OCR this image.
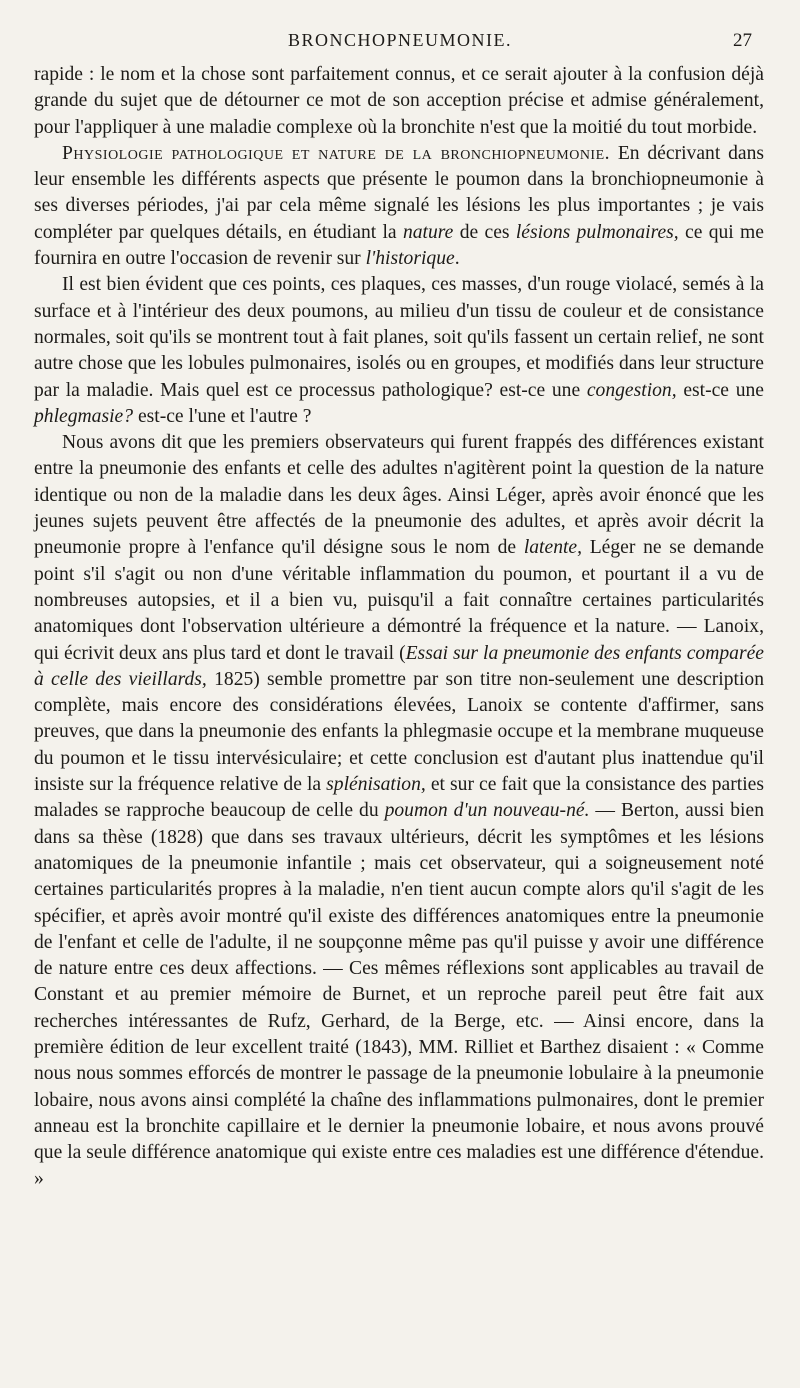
BRONCHOPNEUMONIE.	27

rapide : le nom et la chose sont parfaitement connus, et ce serait ajouter à la confusion déjà grande du sujet que de détourner ce mot de son acception précise et admise généralement, pour l'appliquer à une maladie complexe où la bronchite n'est que la moitié du tout morbide.

Physiologie pathologique et nature de la bronchiopneumonie. En décrivant dans leur ensemble les différents aspects que présente le poumon dans la bronchiopneumonie à ses diverses périodes, j'ai par cela même signalé les lésions les plus importantes ; je vais compléter par quelques détails, en étudiant la nature de ces lésions pulmonaires, ce qui me fournira en outre l'occasion de revenir sur l'historique.

Il est bien évident que ces points, ces plaques, ces masses, d'un rouge violacé, semés à la surface et à l'intérieur des deux poumons, au milieu d'un tissu de couleur et de consistance normales, soit qu'ils se montrent tout à fait planes, soit qu'ils fassent un certain relief, ne sont autre chose que les lobules pulmonaires, isolés ou en groupes, et modifiés dans leur structure par la maladie. Mais quel est ce processus pathologique? est-ce une congestion, est-ce une phlegmasie? est-ce l'une et l'autre ?

Nous avons dit que les premiers observateurs qui furent frappés des différences existant entre la pneumonie des enfants et celle des adultes n'agitèrent point la question de la nature identique ou non de la maladie dans les deux âges. Ainsi Léger, après avoir énoncé que les jeunes sujets peuvent être affectés de la pneumonie des adultes, et après avoir décrit la pneumonie propre à l'enfance qu'il désigne sous le nom de latente, Léger ne se demande point s'il s'agit ou non d'une véritable inflammation du poumon, et pourtant il a vu de nombreuses autopsies, et il a bien vu, puisqu'il a fait connaître certaines particularités anatomiques dont l'observation ultérieure a démontré la fréquence et la nature. — Lanoix, qui écrivit deux ans plus tard et dont le travail (Essai sur la pneumonie des enfants comparée à celle des vieillards, 1825) semble promettre par son titre non-seulement une description complète, mais encore des considérations élevées, Lanoix se contente d'affirmer, sans preuves, que dans la pneumonie des enfants la phlegmasie occupe et la membrane muqueuse du poumon et le tissu intervésiculaire; et cette conclusion est d'autant plus inattendue qu'il insiste sur la fréquence relative de la splénisation, et sur ce fait que la consistance des parties malades se rapproche beaucoup de celle du poumon d'un nouveau-né. — Berton, aussi bien dans sa thèse (1828) que dans ses travaux ultérieurs, décrit les symptômes et les lésions anatomiques de la pneumonie infantile ; mais cet observateur, qui a soigneusement noté certaines particularités propres à la maladie, n'en tient aucun compte alors qu'il s'agit de les spécifier, et après avoir montré qu'il existe des différences anatomiques entre la pneumonie de l'enfant et celle de l'adulte, il ne soupçonne même pas qu'il puisse y avoir une différence de nature entre ces deux affections. — Ces mêmes réflexions sont applicables au travail de Constant et au premier mémoire de Burnet, et un reproche pareil peut être fait aux recherches intéressantes de Rufz, Gerhard, de la Berge, etc. — Ainsi encore, dans la première édition de leur excellent traité (1843), MM. Rilliet et Barthez disaient : « Comme nous nous sommes efforcés de montrer le passage de la pneumonie lobulaire à la pneumonie lobaire, nous avons ainsi complété la chaîne des inflammations pulmonaires, dont le premier anneau est la bronchite capillaire et le dernier la pneumonie lobaire, et nous avons prouvé que la seule différence anatomique qui existe entre ces maladies est une différence d'étendue. »
